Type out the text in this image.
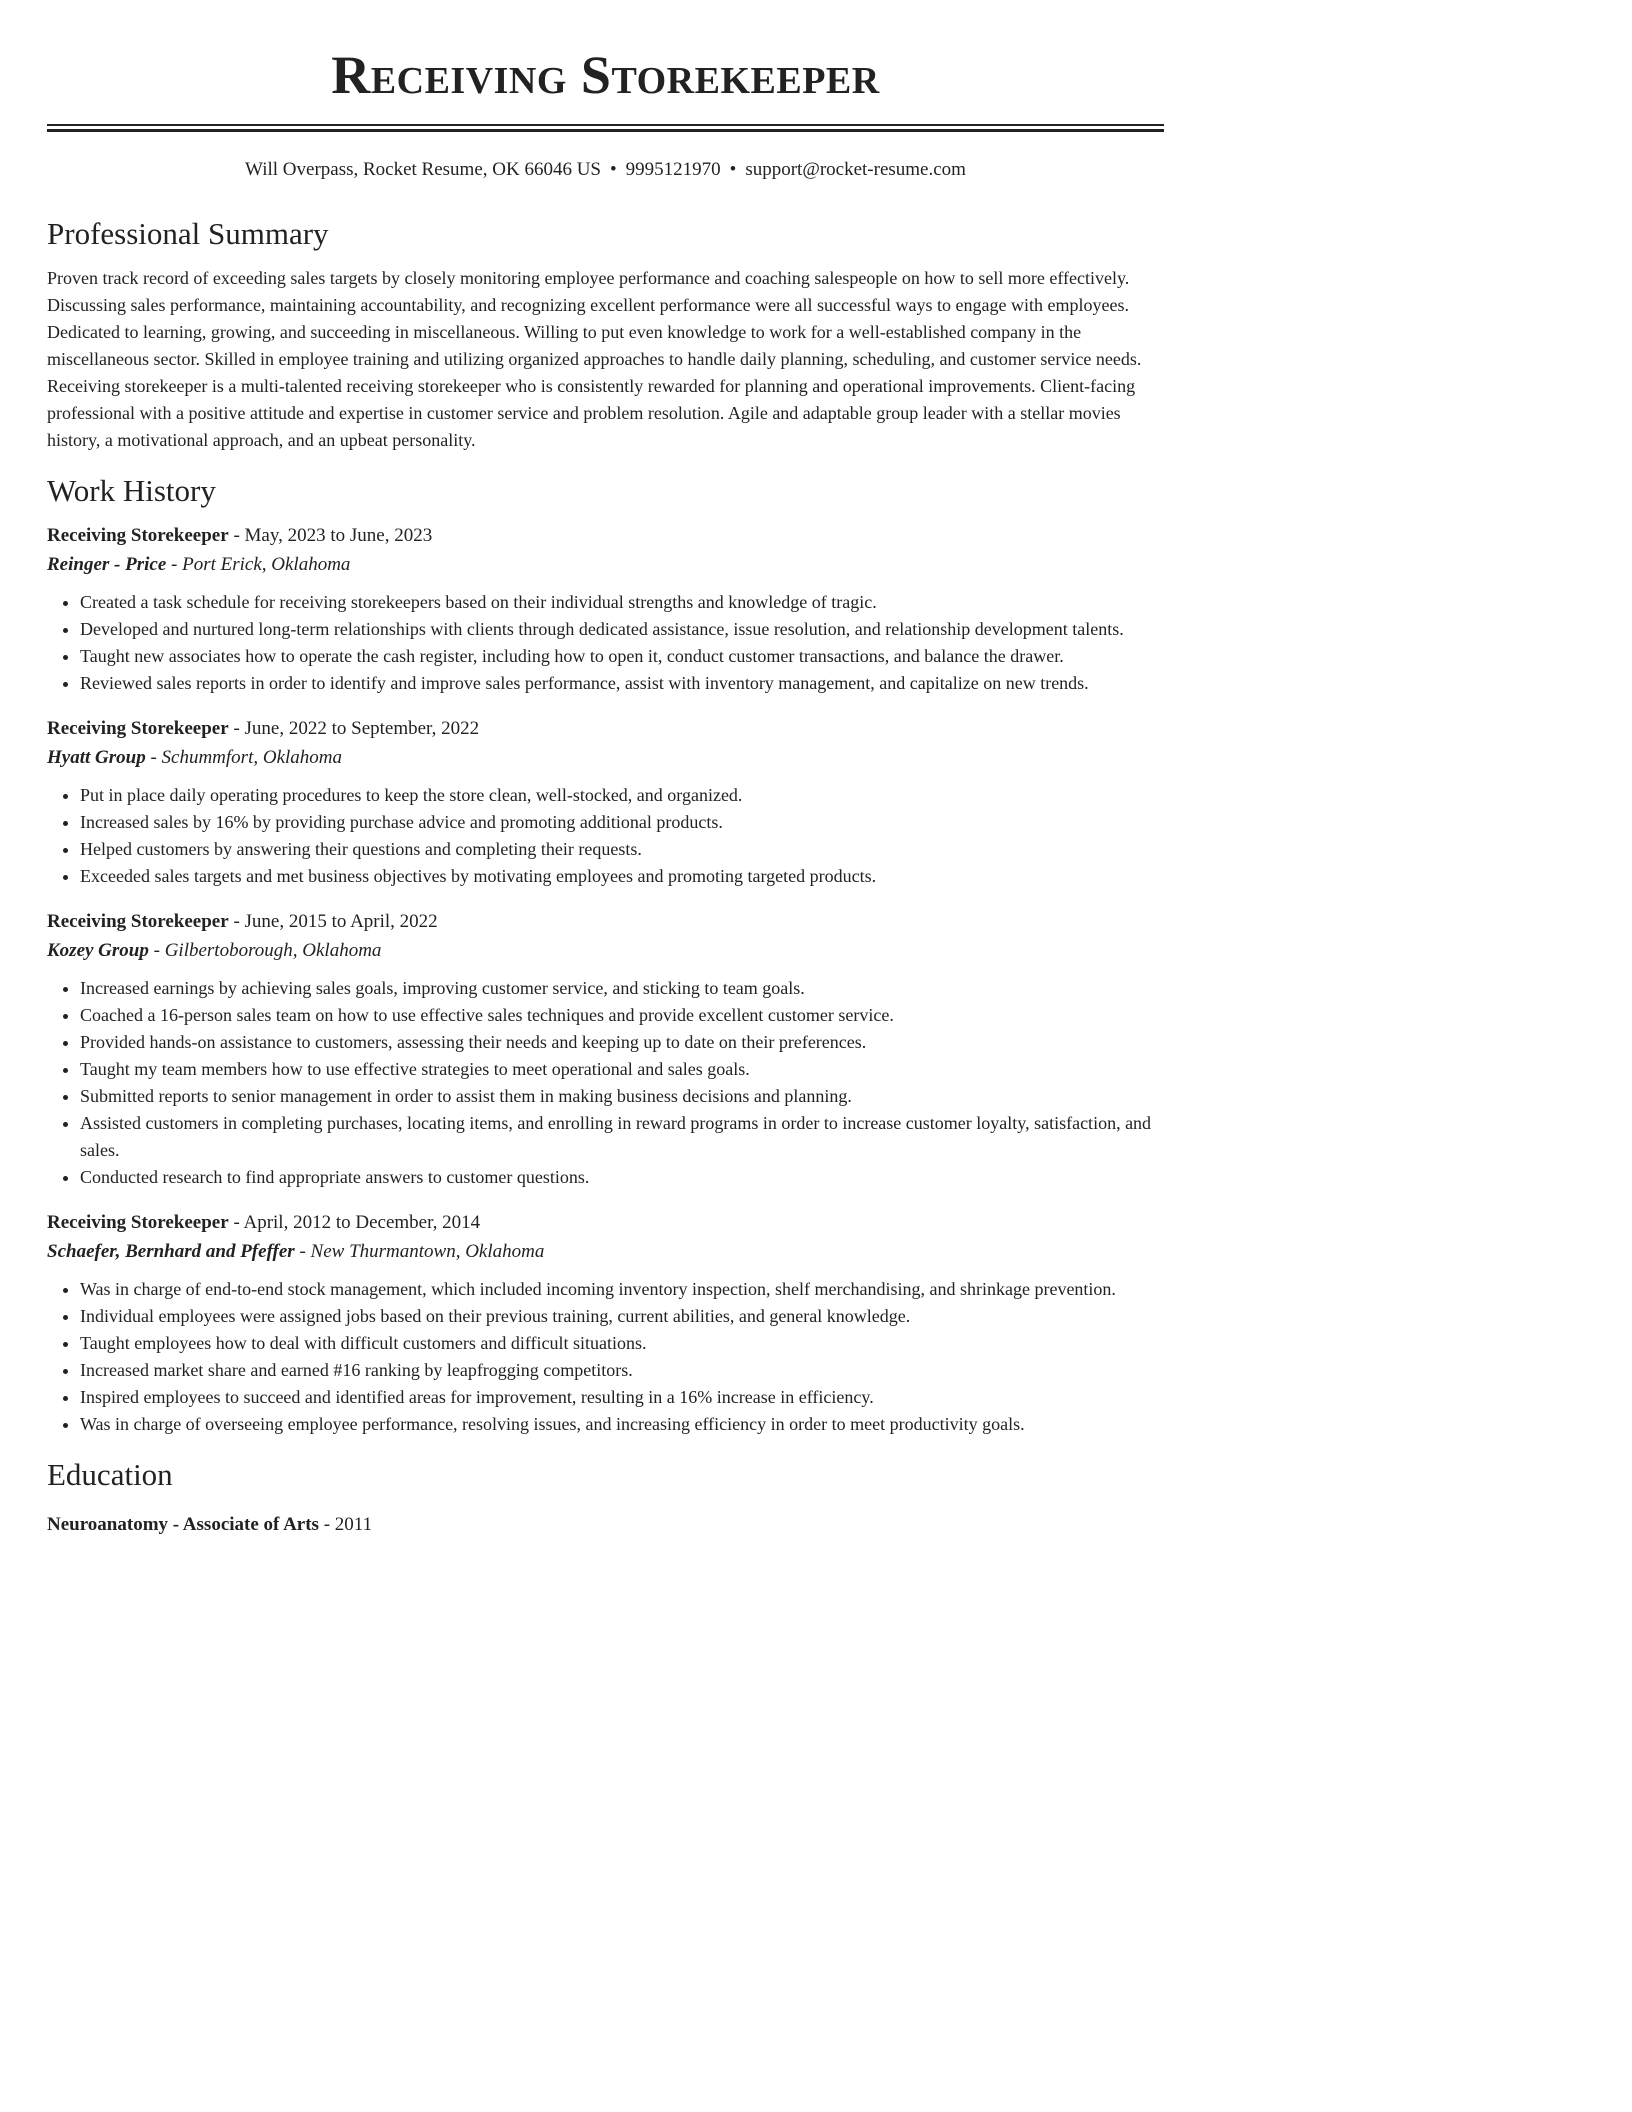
Receiving Storekeeper
Will Overpass, Rocket Resume, OK 66046 US • 9995121970 • support@rocket-resume.com
Professional Summary

Proven track record of exceeding sales targets by closely monitoring employee performance and coaching salespeople on how to sell more effectively. Discussing sales performance, maintaining accountability, and recognizing excellent performance were all successful ways to engage with employees. Dedicated to learning, growing, and succeeding in miscellaneous. Willing to put even knowledge to work for a well-established company in the miscellaneous sector. Skilled in employee training and utilizing organized approaches to handle daily planning, scheduling, and customer service needs. Receiving storekeeper is a multi-talented receiving storekeeper who is consistently rewarded for planning and operational improvements. Client-facing professional with a positive attitude and expertise in customer service and problem resolution. Agile and adaptable group leader with a stellar movies history, a motivational approach, and an upbeat personality.

Work History
Receiving Storekeeper - May, 2023 to June, 2023
Reinger - Price - Port Erick, Oklahoma
• Created a task schedule for receiving storekeepers based on their individual strengths and knowledge of tragic.
• Developed and nurtured long-term relationships with clients through dedicated assistance, issue resolution, and relationship development talents.
• Taught new associates how to operate the cash register, including how to open it, conduct customer transactions, and balance the drawer.
• Reviewed sales reports in order to identify and improve sales performance, assist with inventory management, and capitalize on new trends.
Receiving Storekeeper - June, 2022 to September, 2022
Hyatt Group - Schummfort, Oklahoma
• Put in place daily operating procedures to keep the store clean, well-stocked, and organized.
• Increased sales by 16% by providing purchase advice and promoting additional products.
• Helped customers by answering their questions and completing their requests.
• Exceeded sales targets and met business objectives by motivating employees and promoting targeted products.
Receiving Storekeeper - June, 2015 to April, 2022
Kozey Group - Gilbertoborough, Oklahoma
• Increased earnings by achieving sales goals, improving customer service, and sticking to team goals.
• Coached a 16-person sales team on how to use effective sales techniques and provide excellent customer service.
• Provided hands-on assistance to customers, assessing their needs and keeping up to date on their preferences.
• Taught my team members how to use effective strategies to meet operational and sales goals.
• Submitted reports to senior management in order to assist them in making business decisions and planning.
• Assisted customers in completing purchases, locating items, and enrolling in reward programs in order to increase customer loyalty, satisfaction, and sales.
• Conducted research to find appropriate answers to customer questions.
Receiving Storekeeper - April, 2012 to December, 2014
Schaefer, Bernhard and Pfeffer - New Thurmantown, Oklahoma
• Was in charge of end-to-end stock management, which included incoming inventory inspection, shelf merchandising, and shrinkage prevention.
• Individual employees were assigned jobs based on their previous training, current abilities, and general knowledge.
• Taught employees how to deal with difficult customers and difficult situations.
• Increased market share and earned #16 ranking by leapfrogging competitors.
• Inspired employees to succeed and identified areas for improvement, resulting in a 16% increase in efficiency.
• Was in charge of overseeing employee performance, resolving issues, and increasing efficiency in order to meet productivity goals.
Education
Neuroanatomy - Associate of Arts - 2011
